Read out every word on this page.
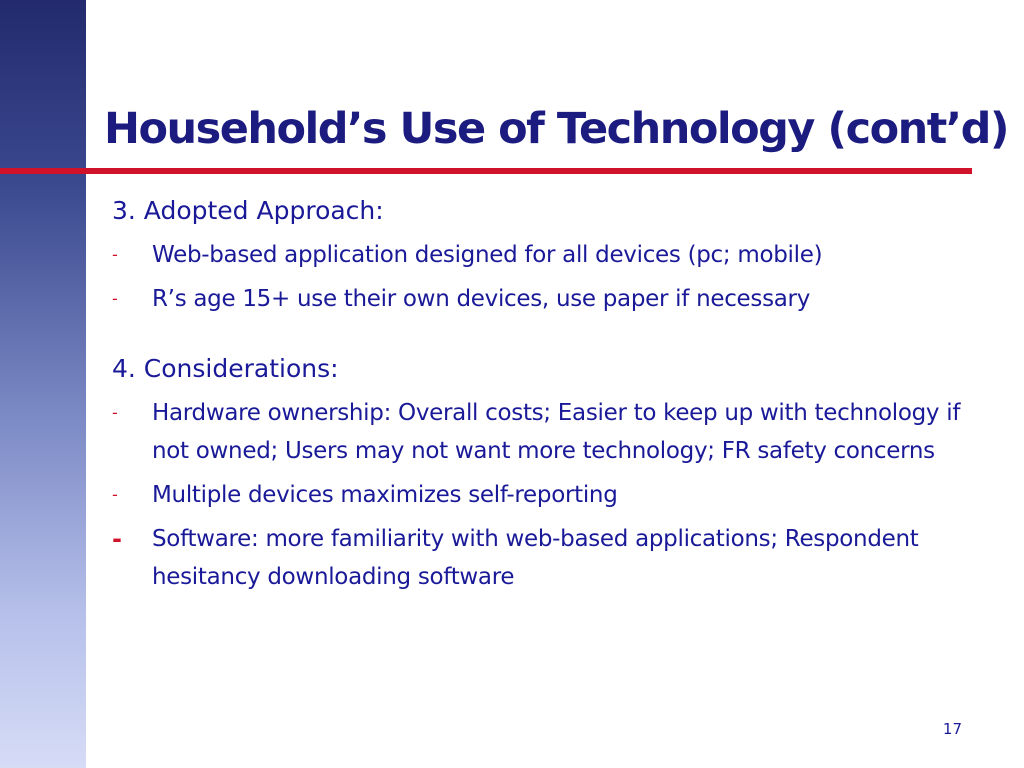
Household’s Use of Technology (cont’d)
3. Adopted Approach:
- Web-based application designed for all devices (pc; mobile)
- R’s age 15+ use their own devices, use paper if necessary
4. Considerations:
- Hardware ownership: Overall costs; Easier to keep up with technology if not owned; Users may not want more technology; FR safety concerns
- Multiple devices maximizes self-reporting
- Software: more familiarity with web-based applications; Respondent hesitancy downloading software
17
